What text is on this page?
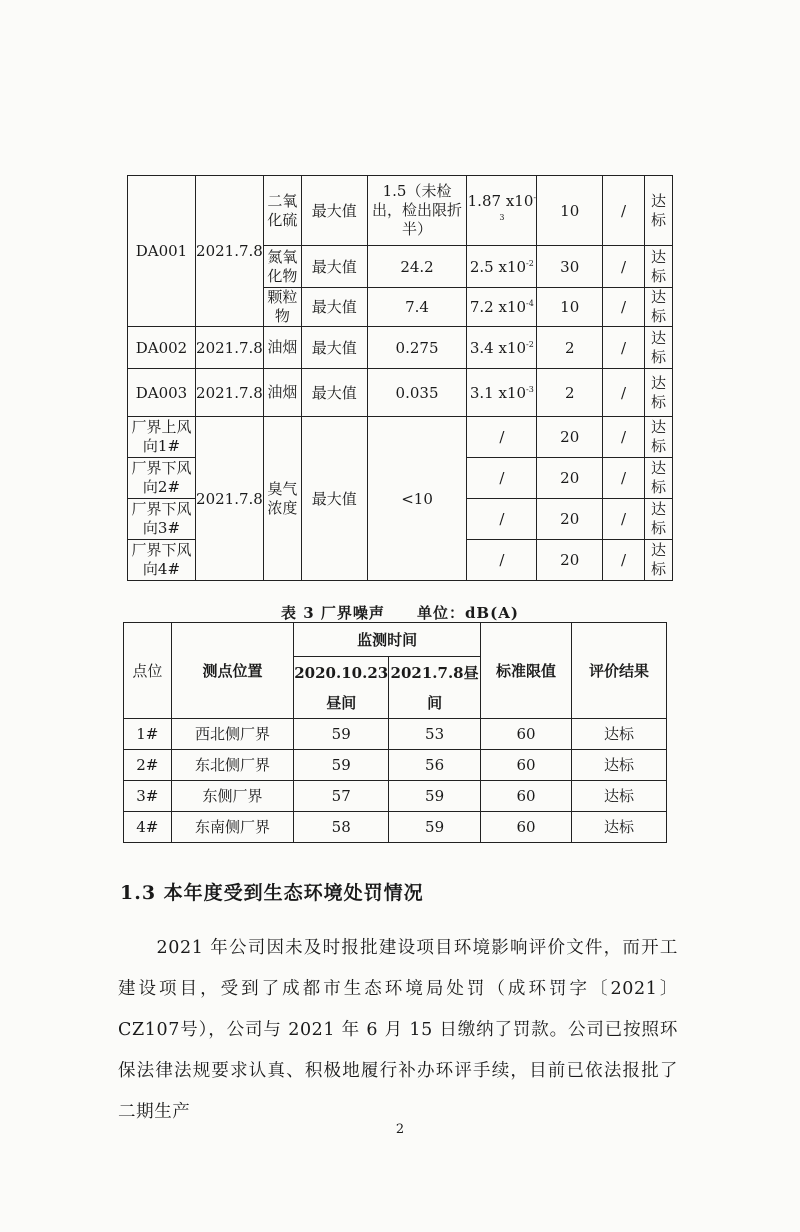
DA001	2021.7.8	二氧化硫	最大值	1.5（未检出，检出限折半）	1.87 $x10^{-3}$	10	/	达标
		氮氧化物	最大值	24.2	2.5 $x10^{-2}$	30	/	达标
		颗粒物	最大值	7.4	7.2 $x10^{-4}$	10	/	达标
DA002	2021.7.8	油烟	最大值	0.275	3.4 $x10^{-2}$	2	/	达标
DA003	2021.7.8	油烟	最大值	0.035	3.1 $x10^{-3}$	2	/	达标
厂界上风向1#	2021.7.8	臭气浓度	最大值	<10	/	20	/	达标
厂界下风向2#					/	20	/	达标
厂界下风向3#					/	20	/	达标
厂界下风向4#					/	20	/	达标
表 3 厂界噪声 单位：dB(A)
点位	测点位置	监测时间		标准限值	评价结果
		2020.10.23昼间	2021.7.8昼间		
1#	西北侧厂界	59	53	60	达标
2#	东北侧厂界	59	56	60	达标
3#	东侧厂界	57	59	60	达标
4#	东南侧厂界	58	59	60	达标
1.3 本年度受到生态环境处罚情况

2021 年公司因未及时报批建设项目环境影响评价文件，而开工建设项目，受到了成都市生态环境局处罚（成环罚字〔2021〕CZ107号），公司与 2021 年 6 月 15 日缴纳了罚款。公司已按照环保法律法规要求认真、积极地履行补办环评手续，目前已依法报批了二期生产

2
